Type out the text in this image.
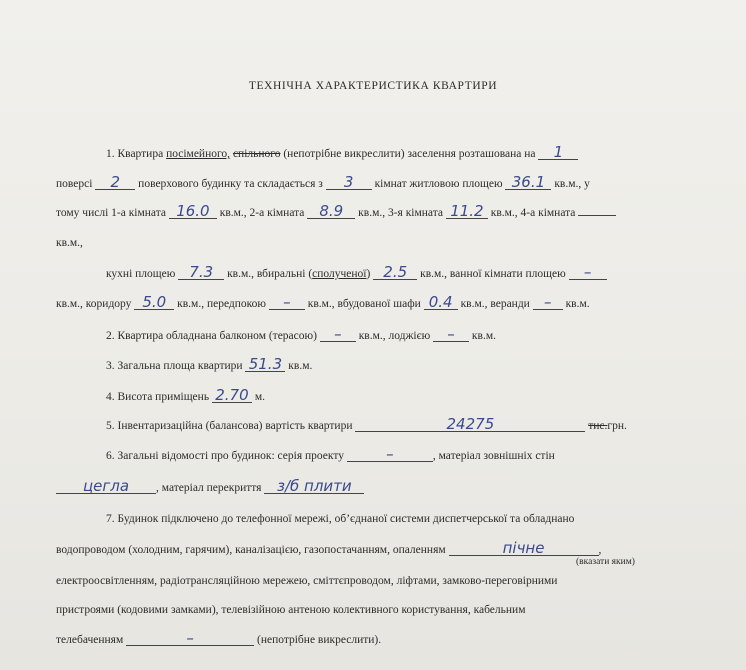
ТЕХНІЧНА ХАРАКТЕРИСТИКА КВАРТИРИ
1. Квартира посімейного, спільного (непотрібне викреслити) заселення розташована на 1
поверсі 2 поверхового будинку та складається з 3 кімнат житловою площею 36.1 кв.м., у
тому числі 1-а кімната 16.0 кв.м., 2-а кімната 8.9 кв.м., 3-я кімната 11.2 кв.м., 4-а кімната
кв.м.,
кухні площею 7.3 кв.м., вбиральні (сполученої) 2.5 кв.м., ванної кімнати площею –
кв.м., коридору 5.0 кв.м., передпокою – кв.м., вбудованої шафи 0.4 кв.м., веранди – кв.м.
2. Квартира обладнана балконом (терасою) – кв.м., лоджією – кв.м.
3. Загальна площа квартири 51.3 кв.м.
4. Висота приміщень 2.70 м.
5. Інвентаризаційна (балансова) вартість квартири	24275	тис.грн.
6. Загальні відомості про будинок: серія проекту	–	, матеріал зовнішніх стін
цегла , матеріал перекриття з/б плити
7. Будинок підключено до телефонної мережі, об’єднаної системи диспетчерської та обладнано
водопроводом (холодним, гарячим), каналізацією, газопостачанням, опаленням	пічне	,
(вказати яким)
електроосвітленням, радіотрансляційною мережею, сміттєпроводом, ліфтами, замково-переговірними
пристроями (кодовими замками), телевізійною антеною колективного користування, кабельним
телебаченням	–	(непотрібне викреслити).
